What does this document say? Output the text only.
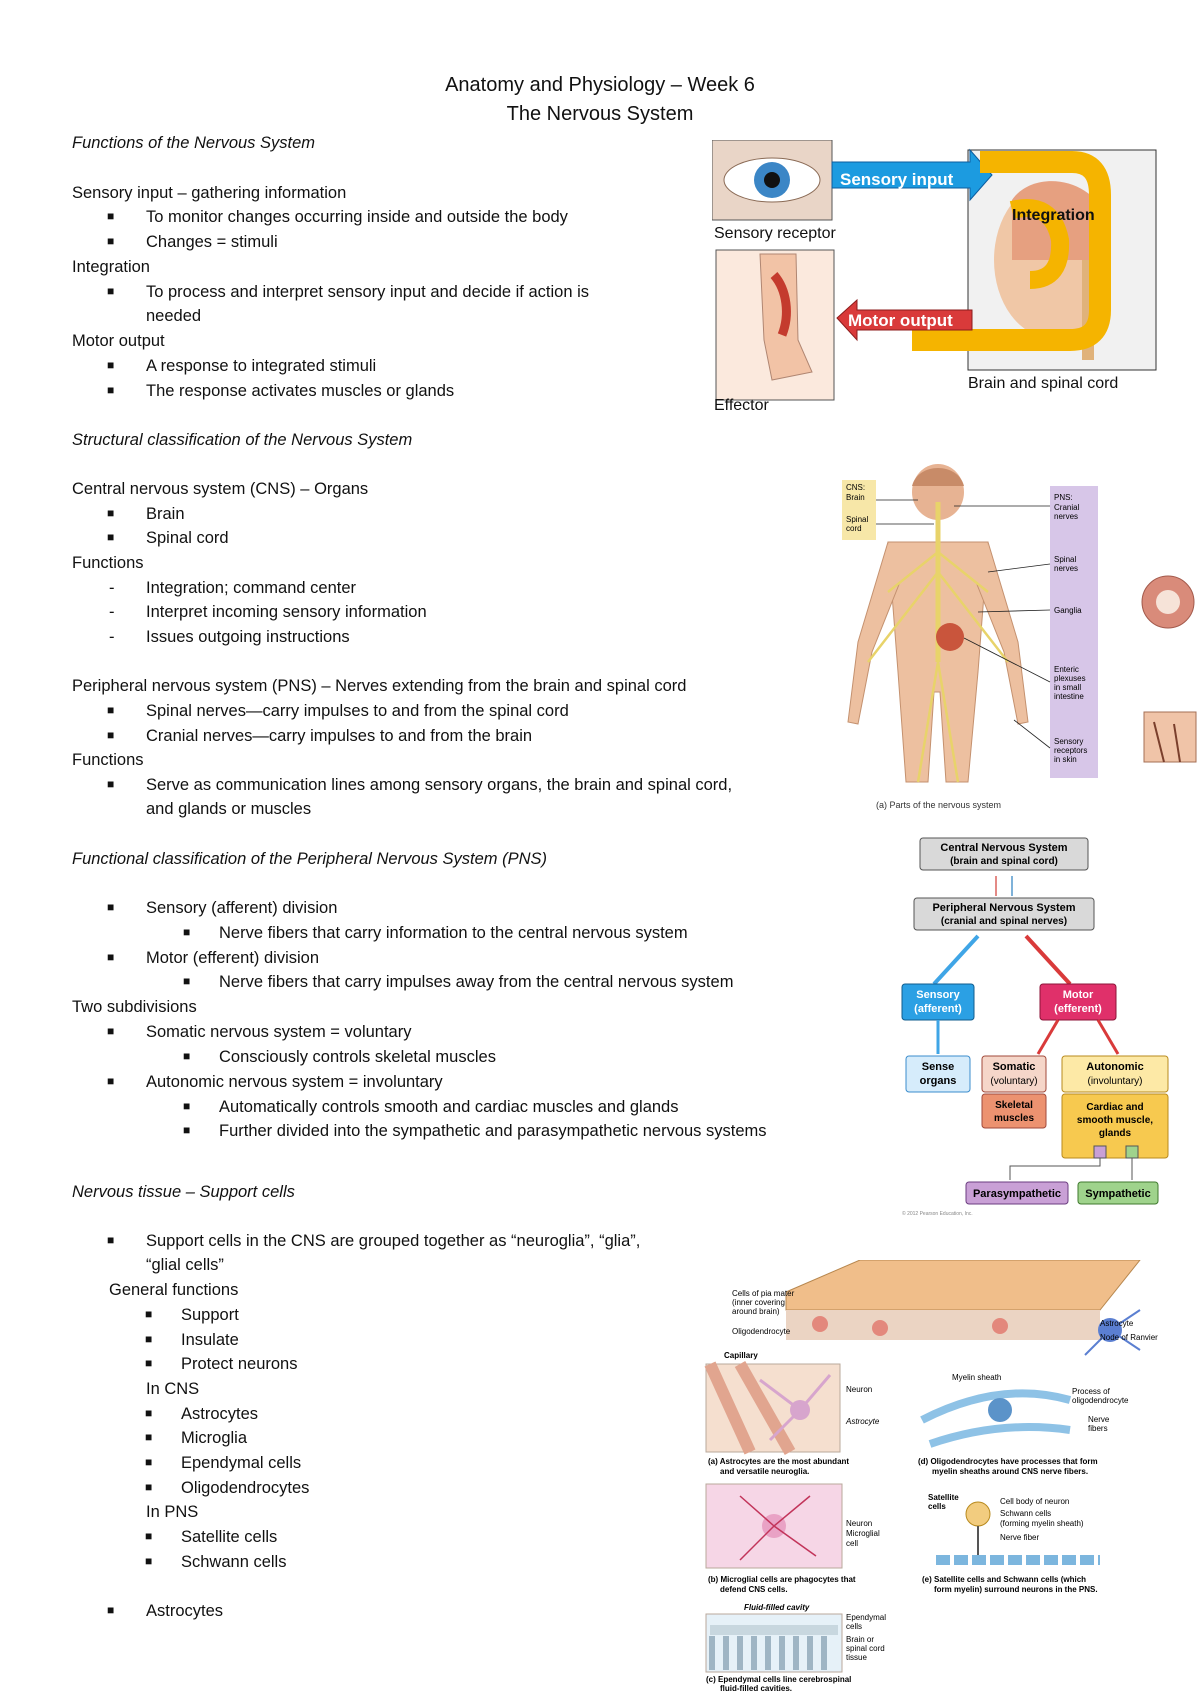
Anatomy and Physiology – Week 6
The Nervous System
Functions of the Nervous System
Sensory input – gathering information
■ To monitor changes occurring inside and outside the body
■ Changes = stimuli
Integration
■ To process and interpret sensory input and decide if action is
needed
Motor output
■ A response to integrated stimuli
■ The response activates muscles or glands
Structural classification of the Nervous System
Central nervous system (CNS) – Organs
■ Brain
■ Spinal cord
Functions
- Integration; command center
- Interpret incoming sensory information
- Issues outgoing instructions
Peripheral nervous system (PNS) – Nerves extending from the brain and spinal cord
■ Spinal nerves—carry impulses to and from the spinal cord
■ Cranial nerves—carry impulses to and from the brain
Functions
■ Serve as communication lines among sensory organs, the brain and spinal cord,
and glands or muscles
Functional classification of the Peripheral Nervous System (PNS)
■ Sensory (afferent) division
■ Nerve fibers that carry information to the central nervous system
■ Motor (efferent) division
■ Nerve fibers that carry impulses away from the central nervous system
Two subdivisions
■ Somatic nervous system = voluntary
■ Consciously controls skeletal muscles
■ Autonomic nervous system = involuntary
■ Automatically controls smooth and cardiac muscles and glands
■ Further divided into the sympathetic and parasympathetic nervous systems
Nervous tissue – Support cells
■ Support cells in the CNS are grouped together as “neuroglia”, “glia”,
“glial cells”
General functions
■ Support
■ Insulate
■ Protect neurons
In CNS
■ Astrocytes
■ Microglia
■ Ependymal cells
■ Oligodendrocytes
In PNS
■ Satellite cells
■ Schwann cells
■ Astrocytes
Sensory input
Integration
Sensory receptor
Motor output
Brain and spinal cord
Effector
CNS:
Brain
Spinal
cord
PNS:
Cranial
nerves
Spinal
nerves
Ganglia
Enteric
plexuses
in small
intestine
Sensory
receptors
in skin
(a) Parts of the nervous system
Central Nervous System
(brain and spinal cord)
Peripheral Nervous System
(cranial and spinal nerves)
Sensory
(afferent)
Motor
(efferent)
Sense
organs
Somatic
(voluntary)
Skeletal
muscles
Autonomic
(involuntary)
Cardiac and
smooth muscle,
glands
Parasympathetic
© 2012 Pearson Education, Inc.
Sympathetic
Cells of pia mater
(inner covering
around brain)
Oligodendrocyte
Astrocyte
Node of Ranvier
Capillary
Neuron
Astrocyte
(a) Astrocytes are the most abundant
and versatile neuroglia.
Myelin sheath
Process of
oligodendrocyte
Nerve
fibers
(d) Oligodendrocytes have processes that form
myelin sheaths around CNS nerve fibers.
Neuron
Microglial
cell
(b) Microglial cells are phagocytes that
defend CNS cells.
Satellite
cells
Cell body of neuron
Schwann cells
(forming myelin sheath)
Nerve fiber
(e) Satellite cells and Schwann cells (which
form myelin) surround neurons in the PNS.
Fluid-filled cavity
Ependymal
cells
Brain or
spinal cord
tissue
(c) Ependymal cells line cerebrospinal
fluid-filled cavities.
